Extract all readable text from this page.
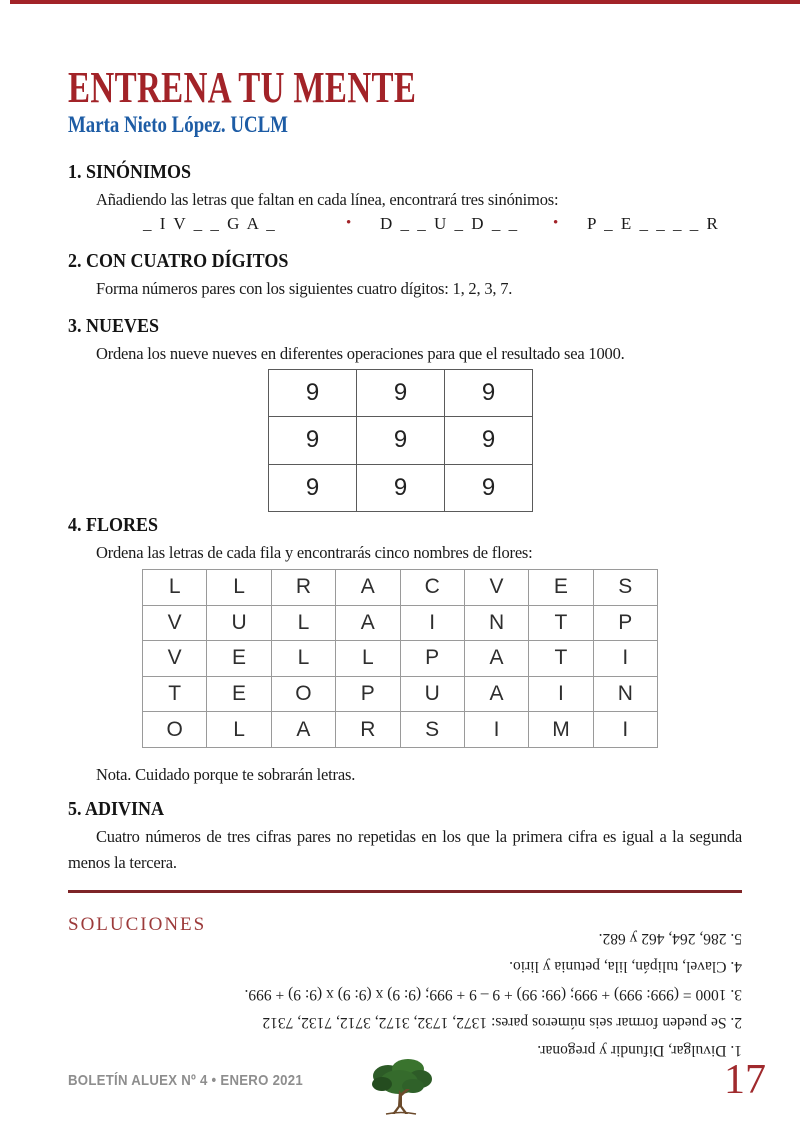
ENTRENA TU MENTE
Marta Nieto López. UCLM
1. SINÓNIMOS

Añadiendo las letras que faltan en cada línea, encontrará tres sinónimos:

_ I V _ _ G A _	• D _ _ U _ D _ _ • P _ E _ _ _ _ R
2. CON CUATRO DÍGITOS

Forma números pares con los siguientes cuatro dígitos: 1, 2, 3, 7.

3. NUEVES

Ordena los nueve nueves en diferentes operaciones para que el resultado sea 1000.

9	9	9
9	9	9
9	9	9
4. FLORES

Ordena las letras de cada fila y encontrarás cinco nombres de flores:

L	L	R	A	C	V	E	S
V	U	L	A	I	N	T	P
V	E	L	L	P	A	T	I
T	E	O	P	U	A	I	N
O	L	A	R	S	I	M	I

Nota. Cuidado porque te sobrarán letras.

5. ADIVINA

Cuatro números de tres cifras pares no repetidas en los que la primera cifra es igual a la segunda menos la tercera.

SOLUCIONES
1. Divulgar, Difundir y pregonar.
2. Se pueden formar seis números pares: 1372, 1732, 3172, 3712, 7132, 7312
3. 1000 = (999: 999) + 999; (99: 99) + 9 – 9 + 999; (9: 9) x (9: 9) x (9: 9) + 999.
4. Clavel, tulipán, lila, petunia y lirio.
5. 286, 264, 462 y 682.
BOLETÍN ALUEX Nº 4 • ENERO 2021	17
